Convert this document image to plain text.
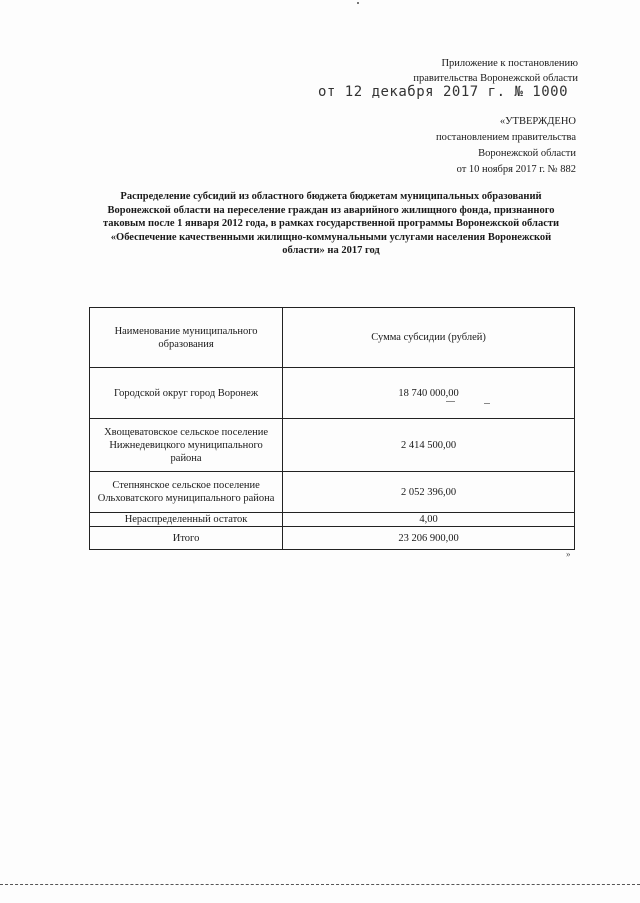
Приложение к постановлению
правительства Воронежской области
от 12 декабря 2017 г. № 1000
«УТВЕРЖДЕНО
постановлением правительства
Воронежской области
от 10 ноября 2017 г. № 882
Распределение субсидий из областного бюджета бюджетам муниципальных образований
Воронежской области на переселение граждан из аварийного жилищного фонда, признанного
таковым после 1 января 2012 года, в рамках государственной программы Воронежской области
«Обеспечение качественными жилищно-коммунальными услугами населения Воронежской
области» на 2017 год
Наименование муниципального
образования	Сумма субсидии (рублей)

Городской округ город Воронеж	18 740 000,00

Хвощеватовское сельское поселение
Нижнедевицкого муниципального
района	2 414 500,00

Степнянское сельское поселение
Ольховатского муниципального района	2 052 396,00

Нераспределенный остаток	4,00

Итого	23 206 900,00
»
